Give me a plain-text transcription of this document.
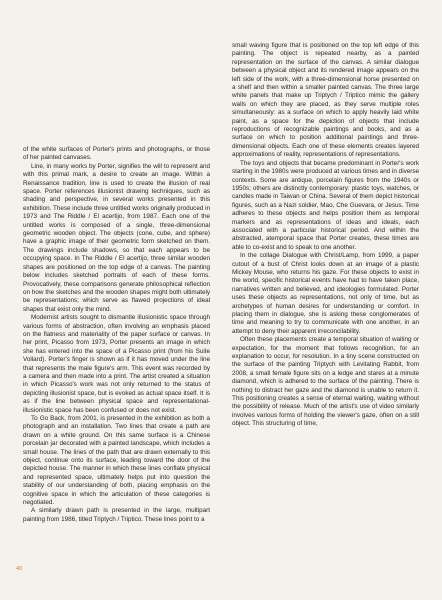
of the white surfaces of Porter's prints and photographs, or those of her painted canvases.

Line, in many works by Porter, signifies the will to represent and with this primal mark, a desire to create an image. Within a Renaissance tradition, line is used to create the illusion of real space. Porter references illusionist drawing techniques, such as shading and perspective, in several works presented in this exhibition. These include three untitled works originally produced in 1973 and The Riddle / El acertijo, from 1987. Each one of the untitled works is composed of a single, three-dimensional geometric wooden object. The objects (cone, cube, and sphere) have a graphic image of their geometric form sketched on them. The drawings include shadows, so that each appears to be occupying space. In The Riddle / El acertijo, three similar wooden shapes are positioned on the top edge of a canvas. The painting below includes sketched portraits of each of these forms. Provocatively, these comparisons generate philosophical reflection on how the sketches and the wooden shapes might both ultimately be representations; which serve as flawed projections of ideal shapes that exist only the mind.

Modernist artists sought to dismantle illusionistic space through various forms of abstraction, often involving an emphasis placed on the flatness and materiality of the paper surface or canvas. In her print, Picasso from 1973, Porter presents an image in which she has entered into the space of a Picasso print (from his Suite Vollard). Porter's finger is shown as if it has moved under the line that represents the male figure's arm. This event was recorded by a camera and then made into a print. The artist created a situation in which Picasso's work was not only returned to the status of depicting illusionist space, but is evoked as actual space itself. It is as if the line between physical space and representational-illusionistic space has been confused or does not exist.

To Go Back, from 2001, is presented in the exhibition as both a photograph and an installation. Two lines that create a path are drawn on a white ground. On this same surface is a Chinese porcelain jar decorated with a painted landscape, which includes a small house. The lines of the path that are drawn externally to this object, continue onto its surface, leading toward the door of the depicted house. The manner in which these lines conflate physical and represented space, ultimately helps put into question the stability of our understanding of both, placing emphasis on the cognitive space in which the articulation of these categories is negotiated.

A similarly drawn path is presented in the large, multipart painting from 1986, titled Triptych / Triptico. These lines point to a

small waving figure that is positioned on the top left edge of this painting. The object is repeated nearby, as a painted representation on the surface of the canvas. A similar dialogue between a physical object and its rendered image appears on the left side of the work, with a three-dimensional horse presented on a shelf and then within a smaller painted canvas. The three large white panels that make up Triptych / Triptico mimic the gallery walls on which they are placed, as they serve multiple roles simultaneously: as a surface on which to apply heavily laid white paint, as a space for the depiction of objects that include reproductions of recognizable paintings and books, and as a surface on which to position additional paintings and three-dimensional objects. Each one of these elements creates layered approximations of reality, representations of representations.

The toys and objects that became predominant in Porter's work starting in the 1980s were produced at various times and in diverse contexts. Some are antique, porcelain figures from the 1940s or 1950s; others are distinctly contemporary: plastic toys, watches, or candles made in Taiwan or China. Several of them depict historical figures, such as a Nazi soldier, Mao, Che Guevara, or Jesus. Time adheres to these objects and helps position them as temporal markers and as representations of ideas and ideals, each associated with a particular historical period. And within the abstracted, atemporal space that Porter creates, these times are able to co-exist and to speak to one another.

In the collage Dialogue with Christ/Lamp, from 1999, a paper cutout of a bust of Christ looks down at an image of a plastic Mickey Mouse, who returns his gaze. For these objects to exist in the world, specific historical events have had to have taken place, narratives written and believed, and ideologies formulated. Porter uses these objects as representations, not only of time, but as archetypes of human desires for understanding or comfort. In placing them in dialogue, she is asking these conglomerates of time and meaning to try to communicate with one another, in an attempt to deny their apparent irreconcilability.

Often these placements create a temporal situation of waiting or expectation, for the moment that follows recognition, for an explanation to occur, for resolution. In a tiny scene constructed on the surface of the painting Triptych with Levitating Rabbit, from 2008, a small female figure sits on a ledge and stares at a minute diamond, which is adhered to the surface of the painting. There is nothing to distract her gaze and the diamond is unable to return it. This positioning creates a sense of eternal waiting, waiting without the possibility of release. Much of the artist's use of video similarly involves various forms of holding the viewer's gaze, often on a still object. This structuring of time,

40
